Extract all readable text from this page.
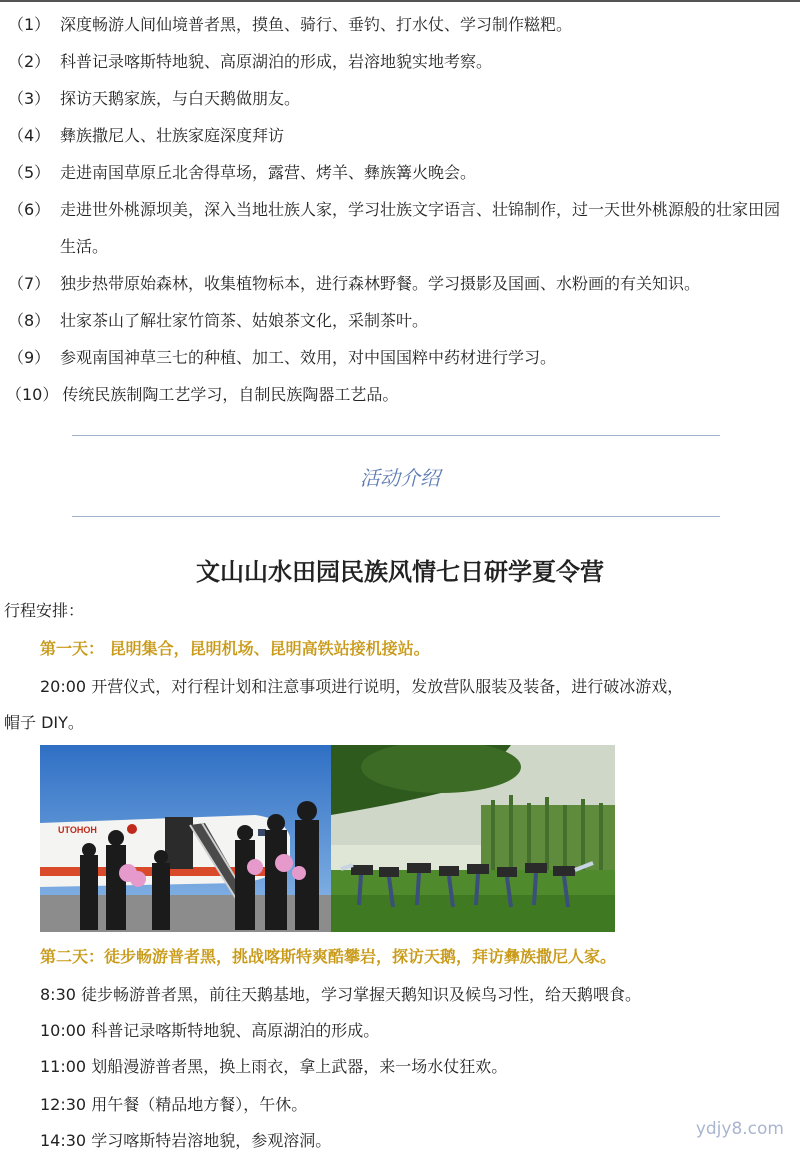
（1） 深度畅游人间仙境普者黑，摸鱼、骑行、垂钓、打水仗、学习制作糍粑。
（2） 科普记录喀斯特地貌、高原湖泊的形成，岩溶地貌实地考察。
（3） 探访天鹅家族，与白天鹅做朋友。
（4） 彝族撒尼人、壮族家庭深度拜访
（5） 走进南国草原丘北舍得草场，露营、烤羊、彝族篝火晚会。
（6） 走进世外桃源坝美，深入当地壮族人家，学习壮族文字语言、壮锦制作，过一天世外桃源般的壮家田园生活。
（7） 独步热带原始森林，收集植物标本，进行森林野餐。学习摄影及国画、水粉画的有关知识。
（8） 壮家茶山了解壮家竹筒茶、姑娘茶文化，采制茶叶。
（9） 参观南国神草三七的种植、加工、效用，对中国国粹中药材进行学习。
（10） 传统民族制陶工艺学习，自制民族陶器工艺品。
活动介绍
文山山水田园民族风情七日研学夏令营
行程安排：
第一天： 昆明集合，昆明机场、昆明高铁站接机接站。
20:00 开营仪式，对行程计划和注意事项进行说明，发放营队服装及装备，进行破冰游戏，
帽子 DIY。
UTOHOH
第二天：徒步畅游普者黑，挑战喀斯特爽酷攀岩，探访天鹅，拜访彝族撒尼人家。
8:30 徒步畅游普者黑，前往天鹅基地，学习掌握天鹅知识及候鸟习性，给天鹅喂食。
10:00 科普记录喀斯特地貌、高原湖泊的形成。
11:00 划船漫游普者黑，换上雨衣，拿上武器，来一场水仗狂欢。
12:30 用午餐（精品地方餐），午休。
14:30 学习喀斯特岩溶地貌，参观溶洞。
ydjy8.com
